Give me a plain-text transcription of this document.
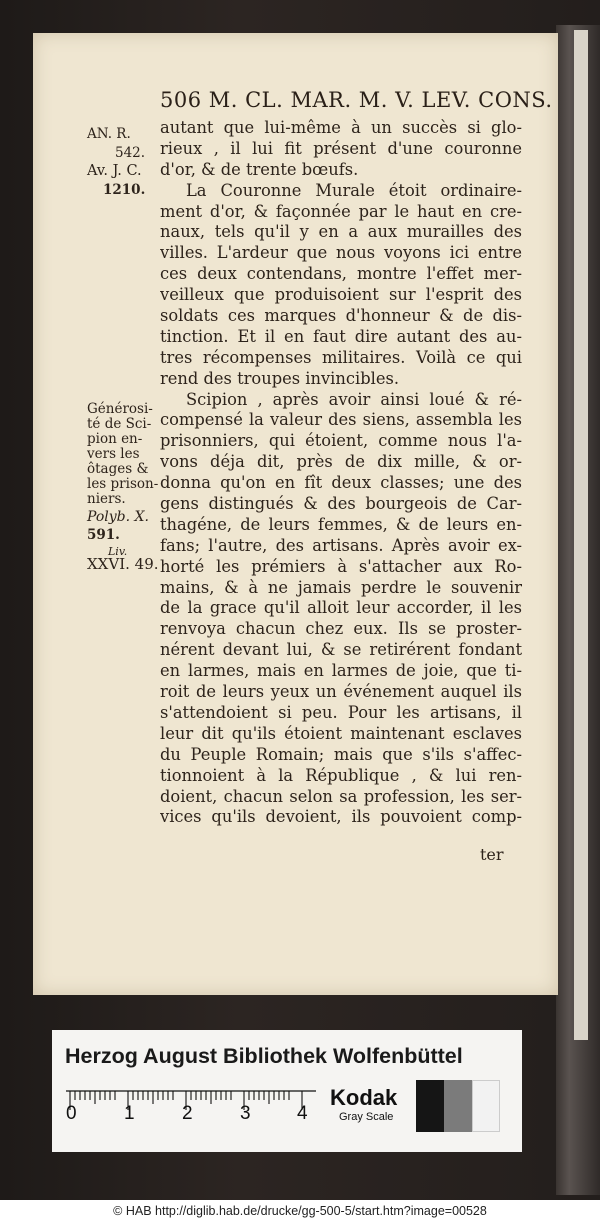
506 M. CL. MAR. M. V. LEV. CONS.
AN. R.
542.
Av. J. C.
1210.
Générosi-
té de Sci-
pion en-
vers les
ôtages &
les prison-
niers.
Polyb. X.
591.
Liv.
XXVI. 49.
autant que lui-même à un succès si glo-
rieux , il lui fit présent d'une couronne
d'or, & de trente bœufs.
La Couronne Murale étoit ordinaire-
ment d'or, & façonnée par le haut en cre-
naux, tels qu'il y en a aux murailles des
villes. L'ardeur que nous voyons ici entre
ces deux contendans, montre l'effet mer-
veilleux que produisoient sur l'esprit des
soldats ces marques d'honneur & de dis-
tinction. Et il en faut dire autant des au-
tres récompenses militaires. Voilà ce qui
rend des troupes invincibles.
Scipion , après avoir ainsi loué & ré-
compensé la valeur des siens, assembla les
prisonniers, qui étoient, comme nous l'a-
vons déja dit, près de dix mille, & or-
donna qu'on en fît deux classes; une des
gens distingués & des bourgeois de Car-
thagéne, de leurs femmes, & de leurs en-
fans; l'autre, des artisans. Après avoir ex-
horté les prémiers à s'attacher aux Ro-
mains, & à ne jamais perdre le souvenir
de la grace qu'il alloit leur accorder, il les
renvoya chacun chez eux. Ils se proster-
nérent devant lui, & se retirérent fondant
en larmes, mais en larmes de joie, que ti-
roit de leurs yeux un événement auquel ils
s'attendoient si peu. Pour les artisans, il
leur dit qu'ils étoient maintenant esclaves
du Peuple Romain; mais que s'ils s'affec-
tionnoient à la République , & lui ren-
doient, chacun selon sa profession, les ser-
vices qu'ils devoient, ils pouvoient comp-
ter
Herzog August Bibliothek Wolfenbüttel
0 1 2 3 4
Kodak
Gray Scale
© HAB http://diglib.hab.de/drucke/gg-500-5/start.htm?image=00528
